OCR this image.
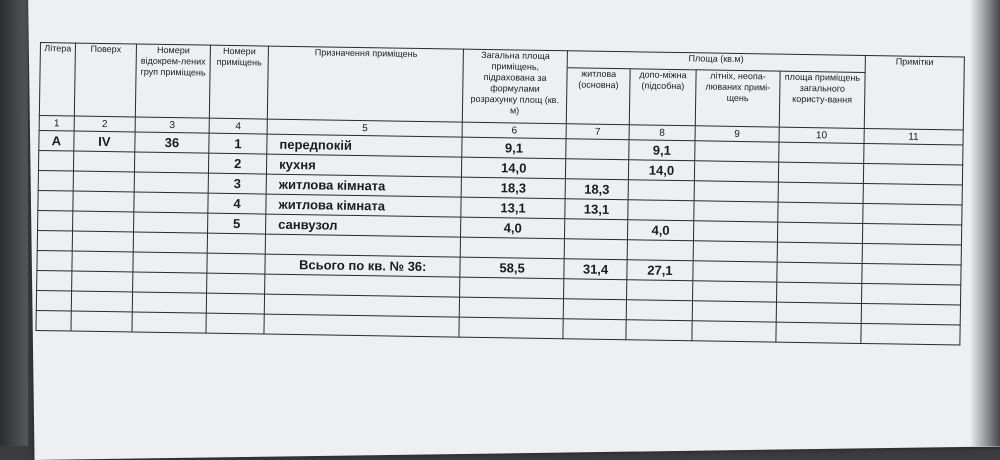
Літера	Поверх	Номери відокрем-лених груп приміщень	Номери приміщень	Призначення приміщень	Загальна площа приміщень, підрахована за формулами розрахунку площ (кв. м)	Площа (кв.м)				Примітки
						житлова (основна)	допо-міжна (підсобна)	літніх, неопа-люваних примі-щень	площа приміщень загального користу-вання	
1	2	3	4	5	6	7	8	9	10	11
А	IV	36	1	передпокій	9,1		9,1			
			2	кухня	14,0		14,0			
			3	житлова кімната	18,3	18,3				
			4	житлова кімната	13,1	13,1				
			5	санвузол	4,0		4,0			

				Всього по кв. № 36:	58,5	31,4	27,1			
